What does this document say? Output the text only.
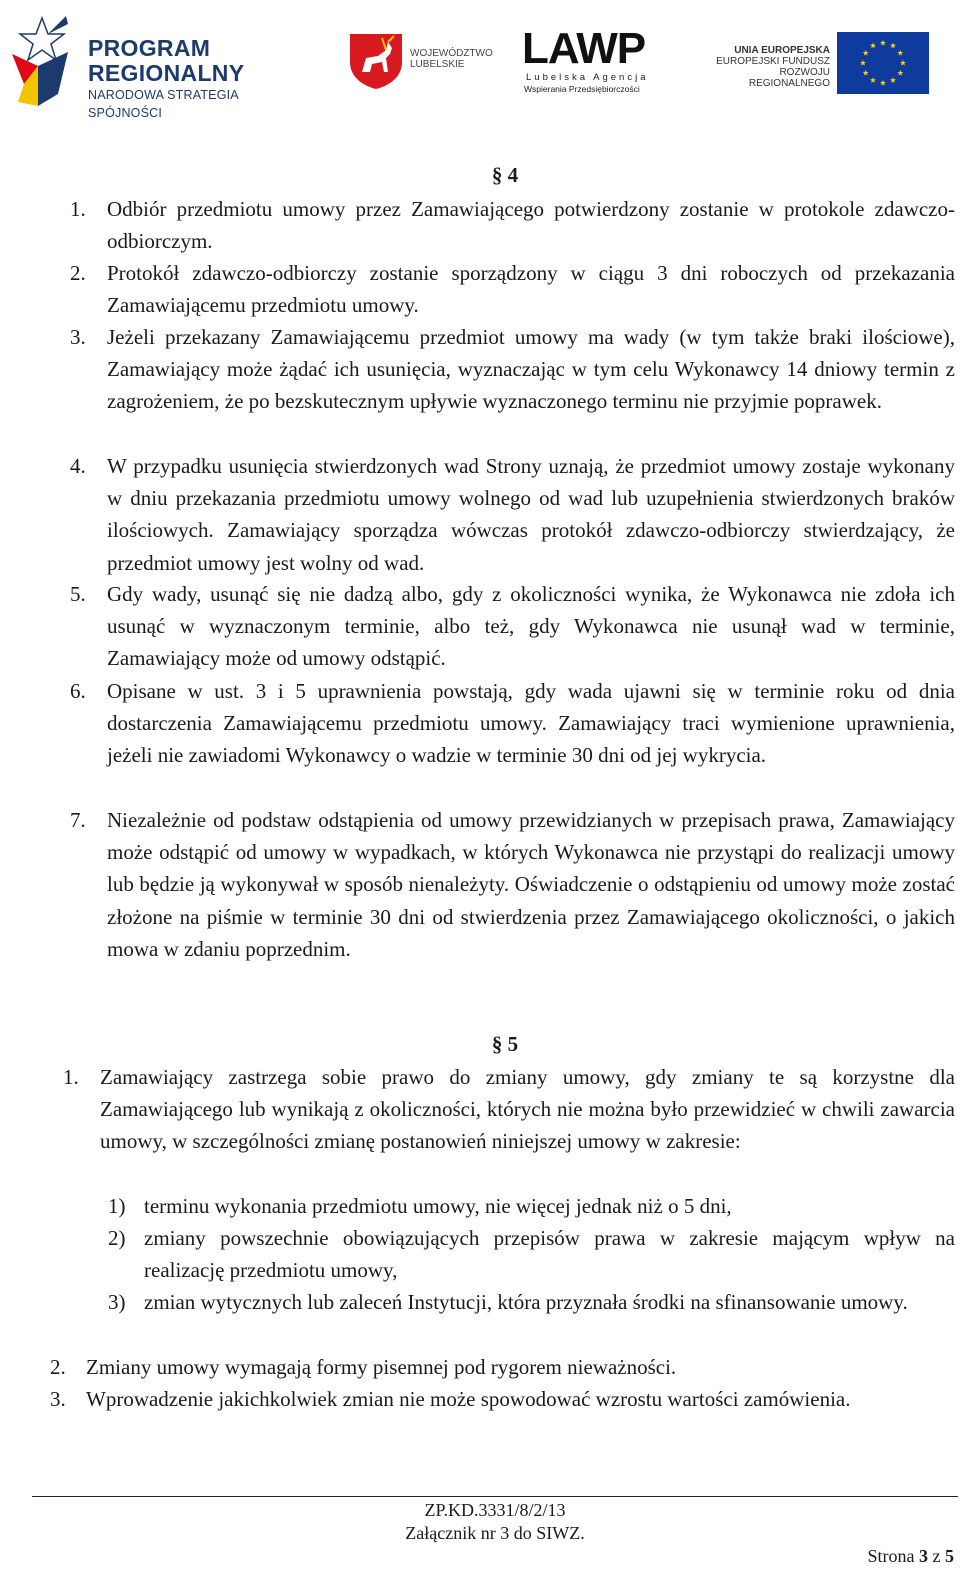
PROGRAM
REGIONALNY
NARODOWA STRATEGIA SPÓJNOŚCI
WOJEWÓDZTWO
LUBELSKIE	LAWP
Lubelska Agencja
Wspierania Przedsiębiorczości
UNIA EUROPEJSKA
EUROPEJSKI FUNDUSZ
ROZWOJU REGIONALNEGO
§ 4
1. Odbiór przedmiotu umowy przez Zamawiającego potwierdzony zostanie w protokole zdawczo-odbiorczym.
2. Protokół zdawczo-odbiorczy zostanie sporządzony w ciągu 3 dni roboczych od przekazania Zamawiającemu przedmiotu umowy.
3. Jeżeli przekazany Zamawiającemu przedmiot umowy ma wady (w tym także braki ilościowe), Zamawiający może żądać ich usunięcia, wyznaczając w tym celu Wykonawcy 14 dniowy termin z zagrożeniem, że po bezskutecznym upływie wyznaczonego terminu nie przyjmie poprawek.
4. W przypadku usunięcia stwierdzonych wad Strony uznają, że przedmiot umowy zostaje wykonany w dniu przekazania przedmiotu umowy wolnego od wad lub uzupełnienia stwierdzonych braków ilościowych. Zamawiający sporządza wówczas protokół zdawczo-odbiorczy stwierdzający, że przedmiot umowy jest wolny od wad.
5. Gdy wady, usunąć się nie dadzą albo, gdy z okoliczności wynika, że Wykonawca nie zdoła ich usunąć w wyznaczonym terminie, albo też, gdy Wykonawca nie usunął wad w terminie, Zamawiający może od umowy odstąpić.
6. Opisane w ust. 3 i 5 uprawnienia powstają, gdy wada ujawni się w terminie roku od dnia dostarczenia Zamawiającemu przedmiotu umowy. Zamawiający traci wymienione uprawnienia, jeżeli nie zawiadomi Wykonawcy o wadzie w terminie 30 dni od jej wykrycia.
7. Niezależnie od podstaw odstąpienia od umowy przewidzianych w przepisach prawa, Zamawiający może odstąpić od umowy w wypadkach, w których Wykonawca nie przystąpi do realizacji umowy lub będzie ją wykonywał w sposób nienależyty. Oświadczenie o odstąpieniu od umowy może zostać złożone na piśmie w terminie 30 dni od stwierdzenia przez Zamawiającego okoliczności, o jakich mowa w zdaniu poprzednim.
§ 5
1. Zamawiający zastrzega sobie prawo do zmiany umowy, gdy zmiany te są korzystne dla Zamawiającego lub wynikają z okoliczności, których nie można było przewidzieć w chwili zawarcia umowy, w szczególności zmianę postanowień niniejszej umowy w zakresie:
1) terminu wykonania przedmiotu umowy, nie więcej jednak niż o 5 dni,
2) zmiany powszechnie obowiązujących przepisów prawa w zakresie mającym wpływ na realizację przedmiotu umowy,
3) zmian wytycznych lub zaleceń Instytucji, która przyznała środki na sfinansowanie umowy.
2. Zmiany umowy wymagają formy pisemnej pod rygorem nieważności.
3. Wprowadzenie jakichkolwiek zmian nie może spowodować wzrostu wartości zamówienia.
ZP.KD.3331/8/2/13
Załącznik nr 3 do SIWZ.
Strona 3 z 5
